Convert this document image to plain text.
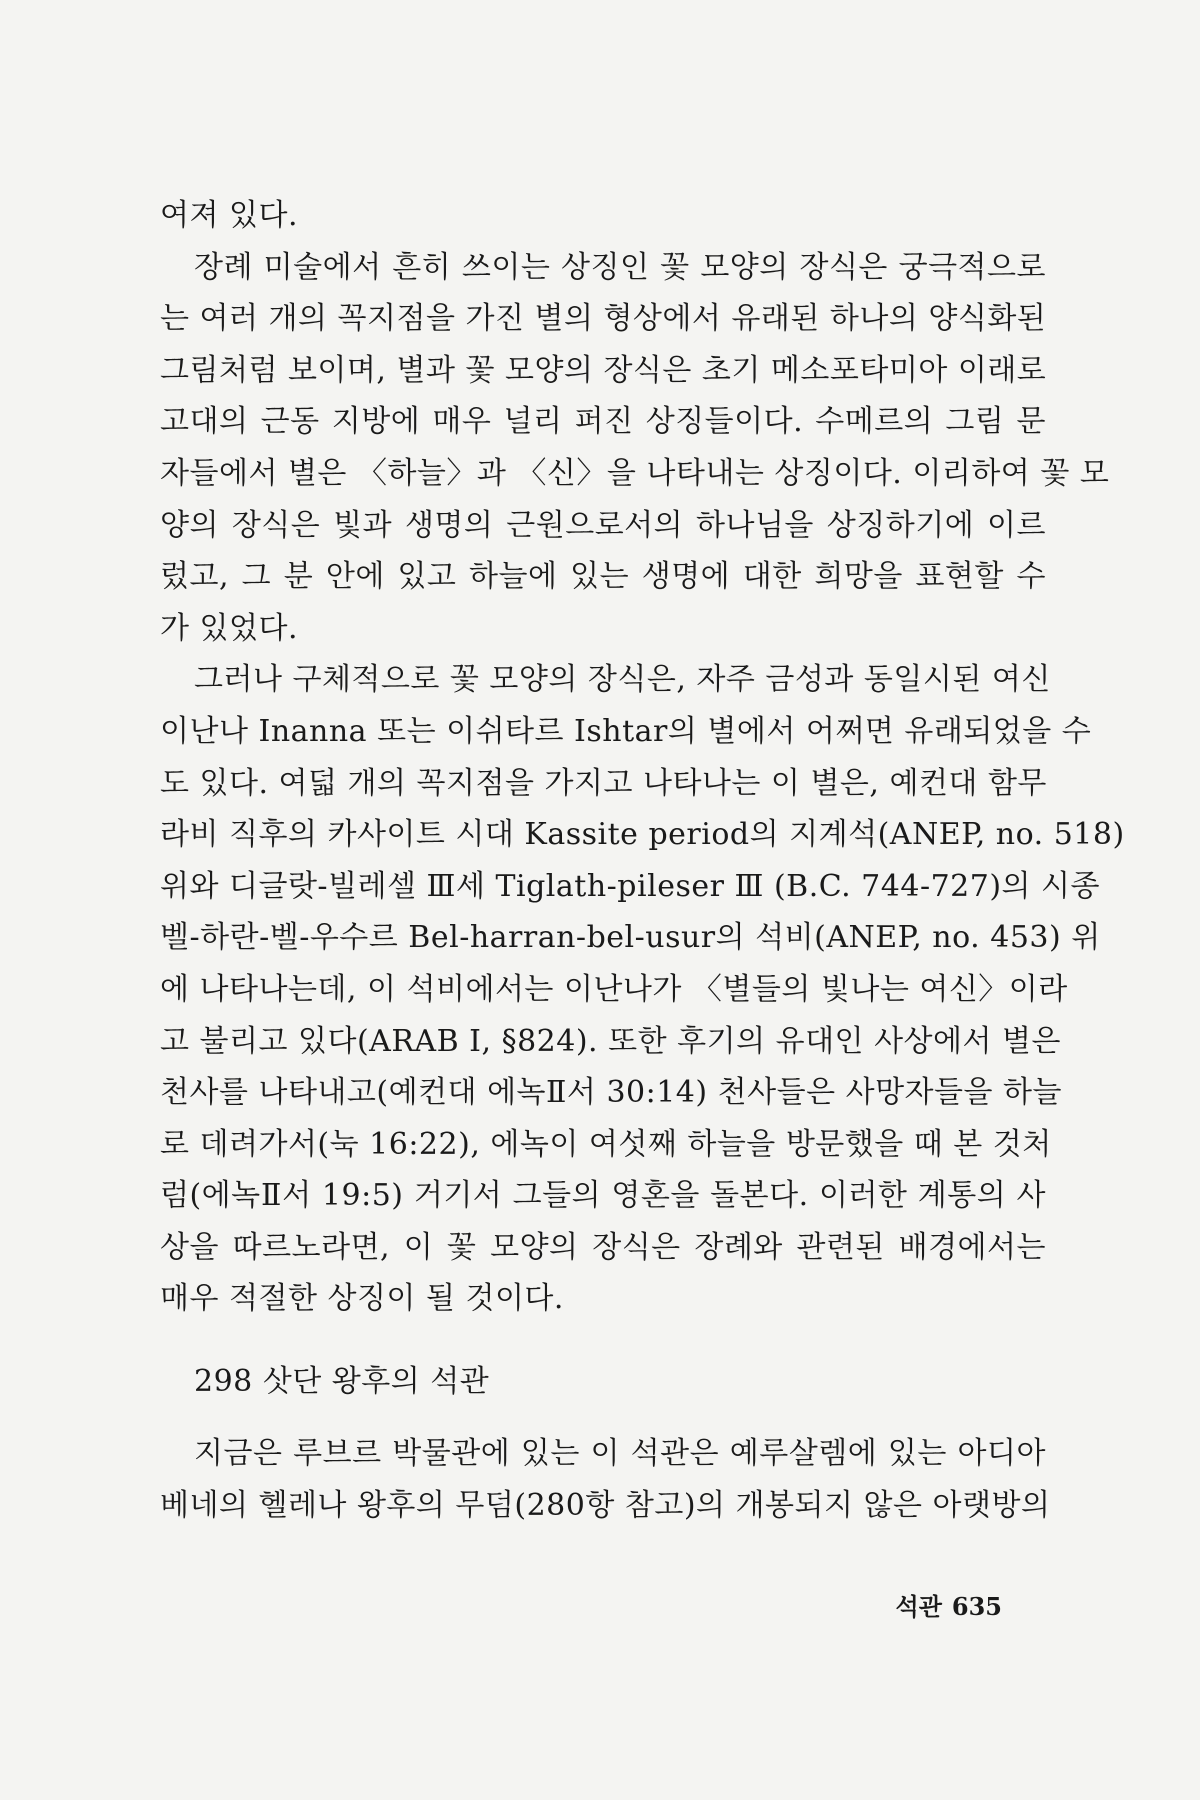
여져 있다.

장례 미술에서 흔히 쓰이는 상징인 꽃 모양의 장식은 궁극적으로
는 여러 개의 꼭지점을 가진 별의 형상에서 유래된 하나의 양식화된
그림처럼 보이며, 별과 꽃 모양의 장식은 초기 메소포타미아 이래로
고대의 근동 지방에 매우 널리 퍼진 상징들이다. 수메르의 그림 문
자들에서 별은 〈하늘〉과 〈신〉을 나타내는 상징이다. 이리하여 꽃 모
양의 장식은 빛과 생명의 근원으로서의 하나님을 상징하기에 이르
렀고, 그 분 안에 있고 하늘에 있는 생명에 대한 희망을 표현할 수
가 있었다.

그러나 구체적으로 꽃 모양의 장식은, 자주 금성과 동일시된 여신
이난나 Inanna 또는 이쉬타르 Ishtar의 별에서 어쩌면 유래되었을 수
도 있다. 여덟 개의 꼭지점을 가지고 나타나는 이 별은, 예컨대 함무
라비 직후의 카사이트 시대 Kassite period의 지계석(ANEP, no. 518)
위와 디글랏-빌레셀 Ⅲ세 Tiglath-pileser Ⅲ (B.C. 744-727)의 시종
벨-하란-벨-우수르 Bel-harran-bel-usur의 석비(ANEP, no. 453) 위
에 나타나는데, 이 석비에서는 이난나가 〈별들의 빛나는 여신〉이라
고 불리고 있다(ARAB I, §824). 또한 후기의 유대인 사상에서 별은
천사를 나타내고(예컨대 에녹Ⅱ서 30:14) 천사들은 사망자들을 하늘
로 데려가서(눅 16:22), 에녹이 여섯째 하늘을 방문했을 때 본 것처
럼(에녹Ⅱ서 19:5) 거기서 그들의 영혼을 돌본다. 이러한 계통의 사
상을 따르노라면, 이 꽃 모양의 장식은 장례와 관련된 배경에서는
매우 적절한 상징이 될 것이다.

298 삿단 왕후의 석관

지금은 루브르 박물관에 있는 이 석관은 예루살렘에 있는 아디아
베네의 헬레나 왕후의 무덤(280항 참고)의 개봉되지 않은 아랫방의

석관 635
